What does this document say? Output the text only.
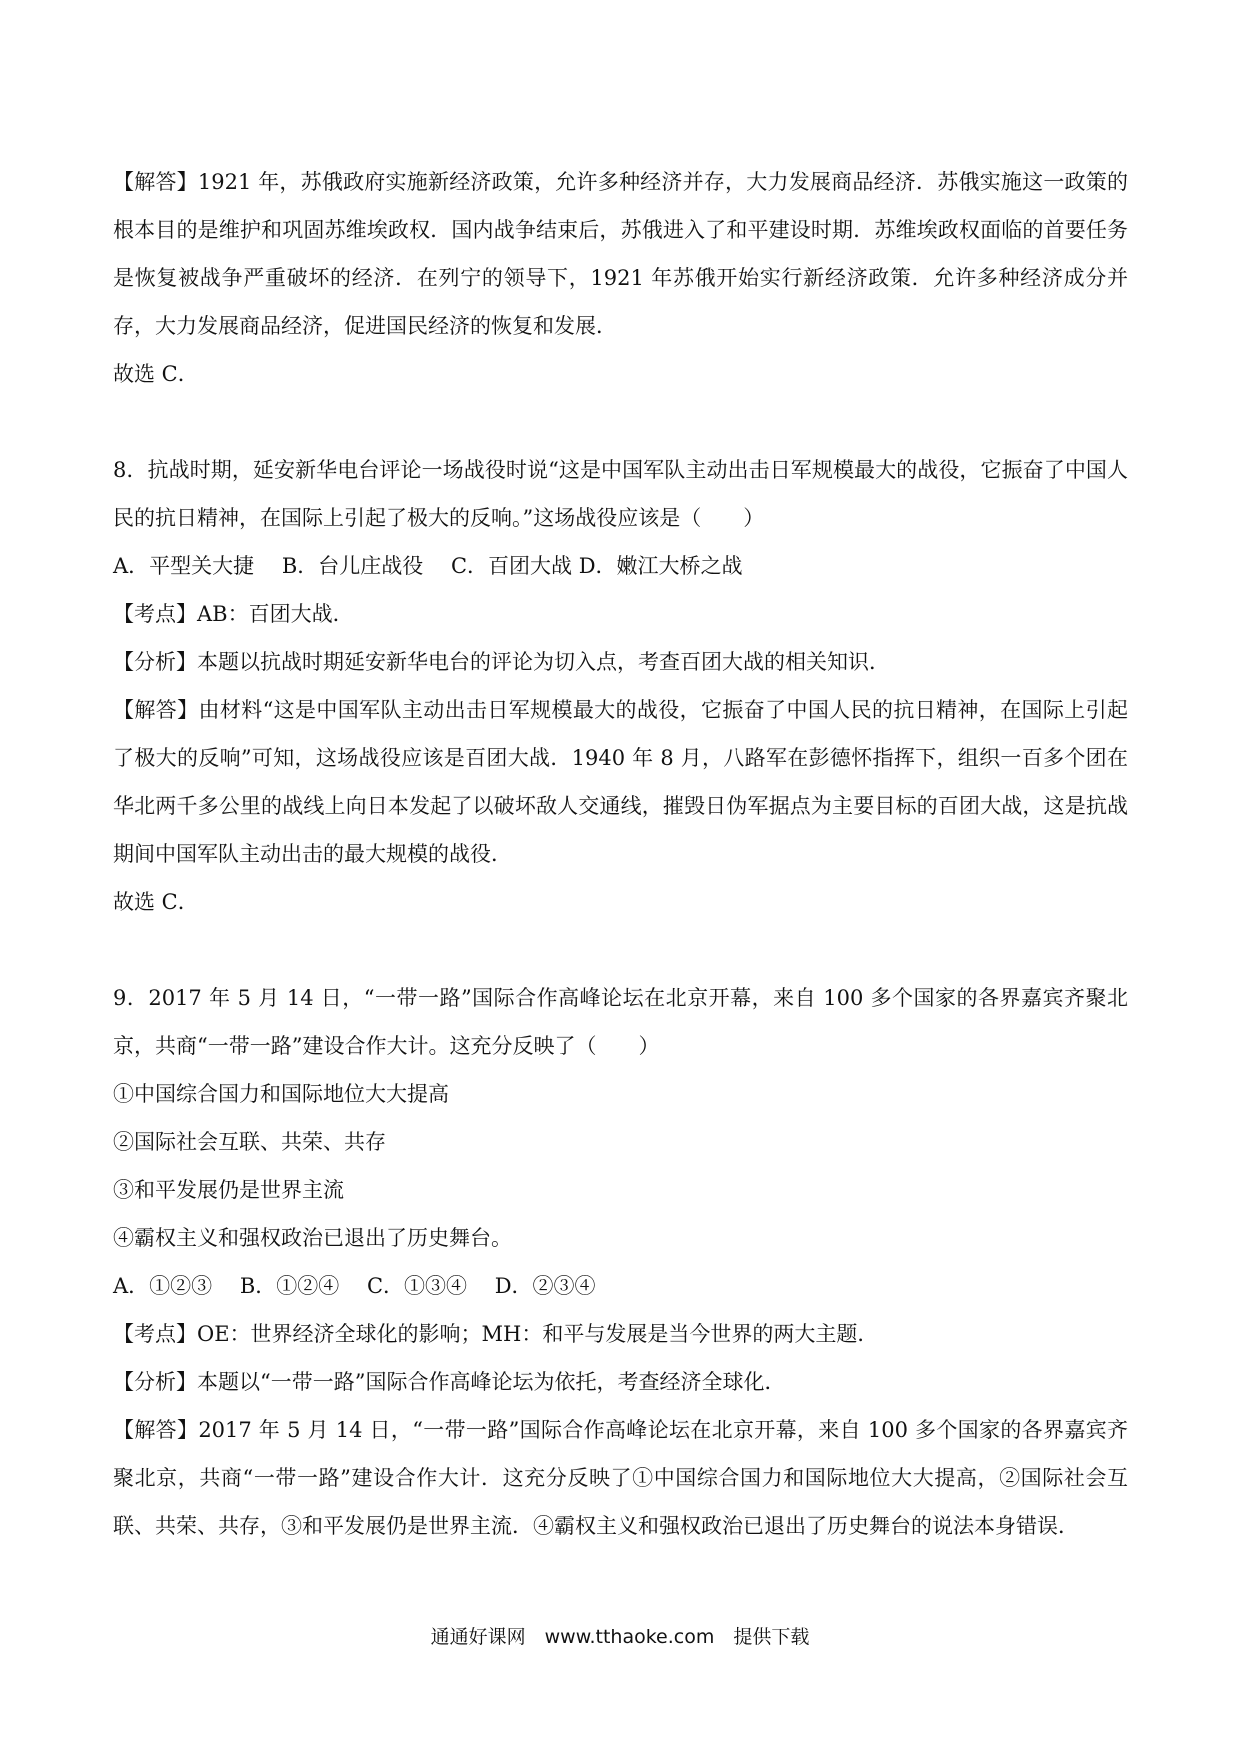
【解答】1921 年，苏俄政府实施新经济政策，允许多种经济并存，大力发展商品经济．苏俄实施这一政策的根本目的是维护和巩固苏维埃政权．国内战争结束后，苏俄进入了和平建设时期．苏维埃政权面临的首要任务是恢复被战争严重破坏的经济．在列宁的领导下，1921 年苏俄开始实行新经济政策．允许多种经济成分并存，大力发展商品经济，促进国民经济的恢复和发展．

故选 C．

8．抗战时期，延安新华电台评论一场战役时说“这是中国军队主动出击日军规模最大的战役，它振奋了中国人民的抗日精神，在国际上引起了极大的反响。”这场战役应该是（　　）

A．平型关大捷　 B．台儿庄战役　 C．百团大战 D．嫩江大桥之战

【考点】AB：百团大战．

【分析】本题以抗战时期延安新华电台的评论为切入点，考查百团大战的相关知识．

【解答】由材料“这是中国军队主动出击日军规模最大的战役，它振奋了中国人民的抗日精神，在国际上引起了极大的反响”可知，这场战役应该是百团大战．1940 年 8 月，八路军在彭德怀指挥下，组织一百多个团在华北两千多公里的战线上向日本发起了以破坏敌人交通线，摧毁日伪军据点为主要目标的百团大战，这是抗战期间中国军队主动出击的最大规模的战役．

故选 C．

9．2017 年 5 月 14 日，“一带一路”国际合作高峰论坛在北京开幕，来自 100 多个国家的各界嘉宾齐聚北京，共商“一带一路”建设合作大计。这充分反映了（　　）

①中国综合国力和国际地位大大提高

②国际社会互联、共荣、共存

③和平发展仍是世界主流

④霸权主义和强权政治已退出了历史舞台。

A．①②③　 B．①②④　 C．①③④　 D．②③④

【考点】OE：世界经济全球化的影响；MH：和平与发展是当今世界的两大主题．

【分析】本题以“一带一路”国际合作高峰论坛为依托，考查经济全球化．

【解答】2017 年 5 月 14 日，“一带一路”国际合作高峰论坛在北京开幕，来自 100 多个国家的各界嘉宾齐聚北京，共商“一带一路”建设合作大计．这充分反映了①中国综合国力和国际地位大大提高，②国际社会互联、共荣、共存，③和平发展仍是世界主流．④霸权主义和强权政治已退出了历史舞台的说法本身错误．

通通好课网　www.tthaoke.com　提供下载
